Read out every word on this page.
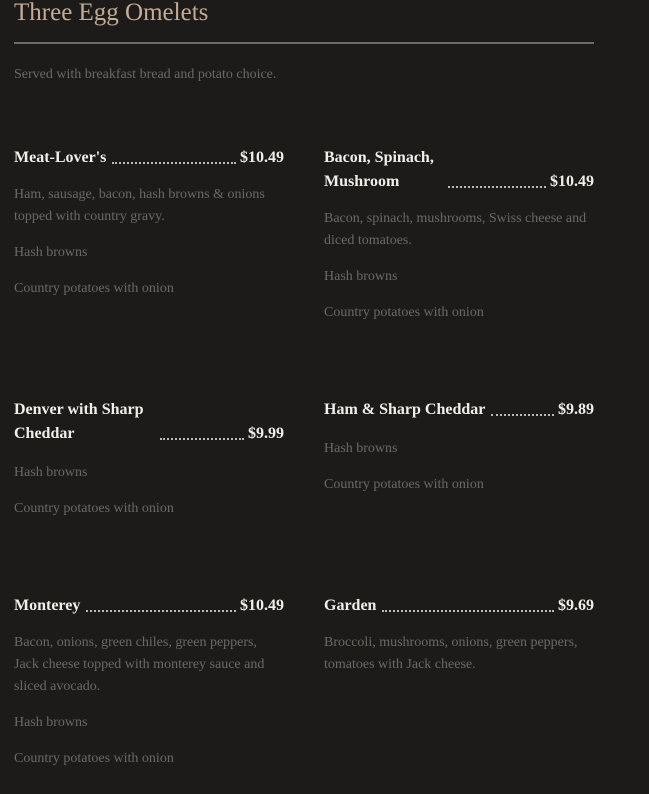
Three Egg Omelets

Served with breakfast bread and potato choice.

Meat-Lover's	$10.49

Ham, sausage, bacon, hash browns & onions topped with country gravy.

Hash browns

Country potatoes with onion

Bacon, Spinach, Mushroom	$10.49

Bacon, spinach, mushrooms, Swiss cheese and diced tomatoes.

Hash browns

Country potatoes with onion

Denver with Sharp Cheddar	$9.99

Hash browns

Country potatoes with onion

Ham & Sharp Cheddar	$9.89

Hash browns

Country potatoes with onion

Monterey	$10.49

Bacon, onions, green chiles, green peppers, Jack cheese topped with monterey sauce and sliced avocado.

Hash browns

Country potatoes with onion

Garden	$9.69

Broccoli, mushrooms, onions, green peppers, tomatoes with Jack cheese.
